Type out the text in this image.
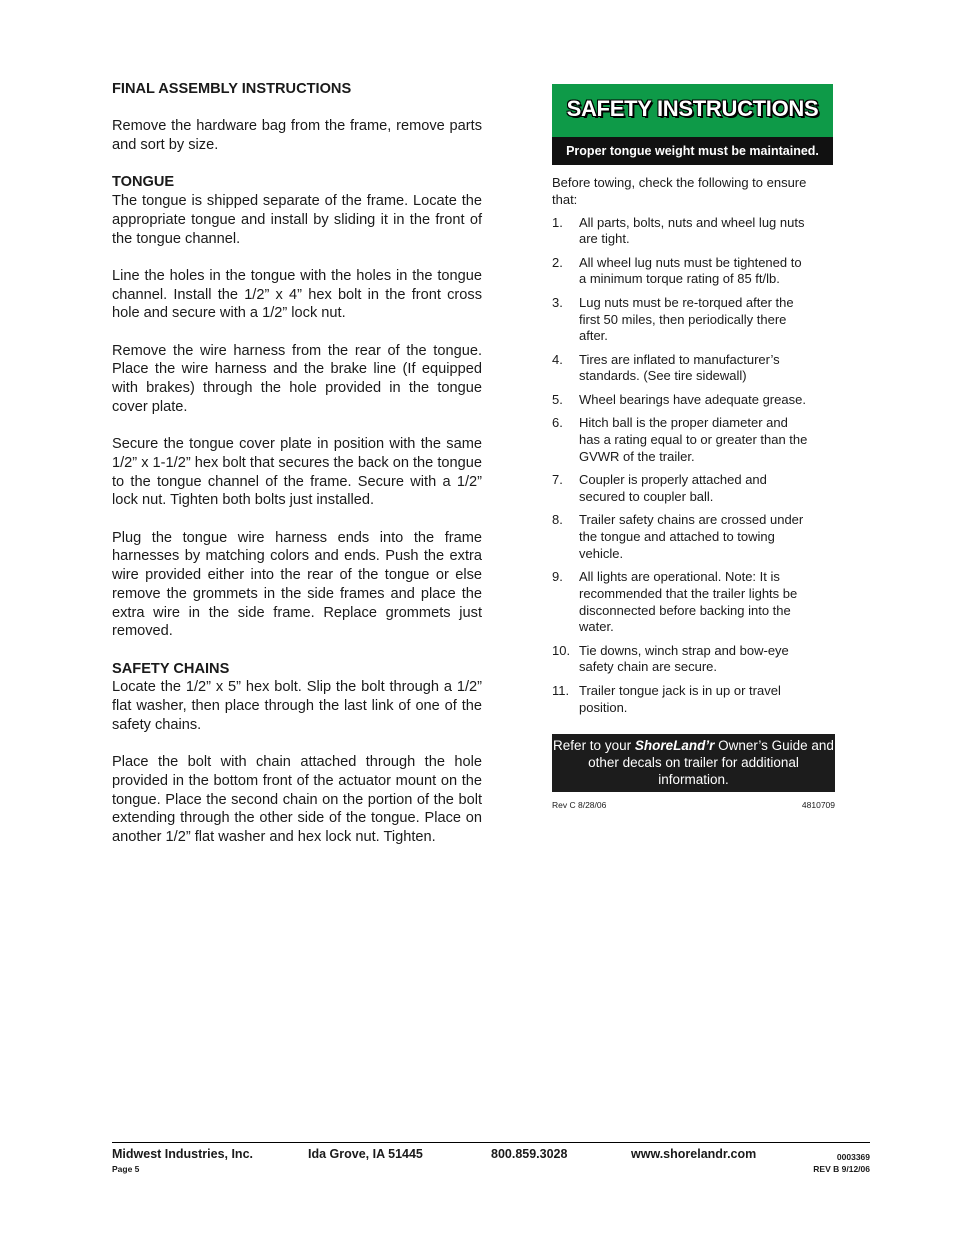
FINAL ASSEMBLY INSTRUCTIONS

Remove the hardware bag from the frame, remove parts and sort by size.

TONGUE

The tongue is shipped separate of the frame. Locate the appropriate tongue and install by sliding it in the front of the tongue channel.

Line the holes in the tongue with the holes in the tongue channel. Install the 1/2” x 4” hex bolt in the front cross hole and secure with a 1/2” lock nut.

Remove the wire harness from the rear of the tongue. Place the wire harness and the brake line (If equipped with brakes) through the hole provided in the tongue cover plate.

Secure the tongue cover plate in position with the same 1/2” x 1-1/2” hex bolt that secures the back on the tongue to the tongue channel of the frame. Secure with a 1/2” lock nut. Tighten both bolts just installed.

Plug the tongue wire harness ends into the frame harnesses by matching colors and ends. Push the extra wire provided either into the rear of the tongue or else remove the grommets in the side frames and place the extra wire in the side frame. Replace grommets just removed.

SAFETY CHAINS

Locate the 1/2” x 5” hex bolt. Slip the bolt through a 1/2” flat washer, then place through the last link of one of the safety chains.

Place the bolt with chain attached through the hole provided in the bottom front of the actuator mount on the tongue. Place the second chain on the portion of the bolt extending through the other side of the tongue. Place on another 1/2” flat washer and hex lock nut. Tighten.

SAFETY INSTRUCTIONS
Proper tongue weight must be maintained.
Before towing, check the following to ensure that:
1.	All parts, bolts, nuts and wheel lug nuts are tight.
2.	All wheel lug nuts must be tightened to a minimum torque rating of 85 ft/lb.
3.	Lug nuts must be re-torqued after the first 50 miles, then periodically there after.
4.	Tires are inflated to manufacturer’s standards. (See tire sidewall)
5.	Wheel bearings have adequate grease.
6.	Hitch ball is the proper diameter and has a rating equal to or greater than the GVWR of the trailer.
7.	Coupler is properly attached and secured to coupler ball.
8.	Trailer safety chains are crossed under the tongue and attached to towing vehicle.
9.	All lights are operational. Note: It is recommended that the trailer lights be disconnected before backing into the water.
10. Tie downs, winch strap and bow-eye safety chain are secure.
11. Trailer tongue jack is in up or travel position.
Refer to your ShoreLand’r Owner’s Guide and other decals on trailer for additional information.
Rev C 8/28/06	4810709
Midwest Industries, Inc.	Ida Grove, IA 51445	800.859.3028	www.shorelandr.com
Page 5
0003369
REV B 9/12/06
